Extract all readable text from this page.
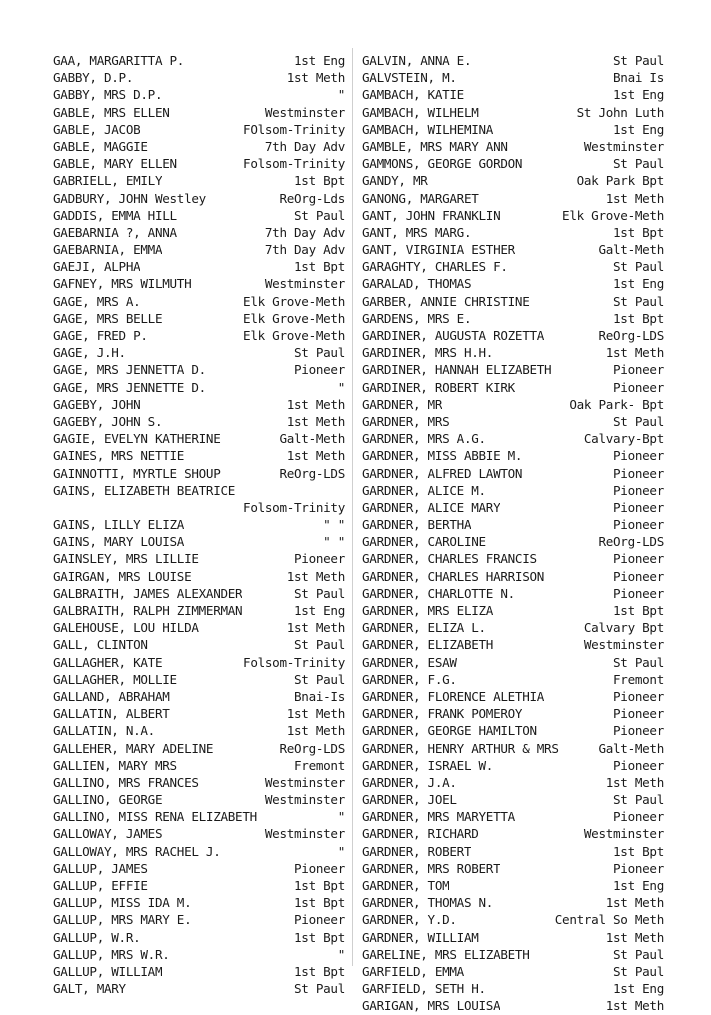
GAA, MARGARITTA P.	1st Eng
GABBY, D.P.	1st Meth
GABBY, MRS D.P.	"
GABLE, MRS ELLEN	Westminster
GABLE, JACOB	FOlsom-Trinity
GABLE, MAGGIE	7th Day Adv
GABLE, MARY ELLEN	Folsom-Trinity
GABRIELL, EMILY	1st Bpt
GADBURY, JOHN Westley	ReOrg-Lds
GADDIS, EMMA HILL	St Paul
GAEBARNIA ?, ANNA	7th Day Adv
GAEBARNIA, EMMA	7th Day Adv
GAEJI, ALPHA	1st Bpt
GAFNEY, MRS WILMUTH	Westminster
GAGE, MRS A.	Elk Grove-Meth
GAGE, MRS BELLE	Elk Grove-Meth
GAGE, FRED P.	Elk Grove-Meth
GAGE, J.H.	St Paul
GAGE, MRS JENNETTA D.	Pioneer
GAGE, MRS JENNETTE D.	"
GAGEBY, JOHN	1st Meth
GAGEBY, JOHN S.	1st Meth
GAGIE, EVELYN KATHERINE	Galt-Meth
GAINES, MRS NETTIE	1st Meth
GAINNOTTI, MYRTLE SHOUP	ReOrg-LDS
GAINS, ELIZABETH BEATRICE
Folsom-Trinity
GAINS, LILLY ELIZA	" "
GAINS, MARY LOUISA	" "
GAINSLEY, MRS LILLIE	Pioneer
GAIRGAN, MRS LOUISE	1st Meth
GALBRAITH, JAMES ALEXANDER	St Paul
GALBRAITH, RALPH ZIMMERMAN	1st Eng
GALEHOUSE, LOU HILDA	1st Meth
GALL, CLINTON	St Paul
GALLAGHER, KATE	Folsom-Trinity
GALLAGHER, MOLLIE	St Paul
GALLAND, ABRAHAM	Bnai-Is
GALLATIN, ALBERT	1st Meth
GALLATIN, N.A.	1st Meth
GALLEHER, MARY ADELINE	ReOrg-LDS
GALLIEN, MARY MRS	Fremont
GALLINO, MRS FRANCES	Westminster
GALLINO, GEORGE	Westminster
GALLINO, MISS RENA ELIZABETH	"
GALLOWAY, JAMES	Westminster
GALLOWAY, MRS RACHEL J.	"
GALLUP, JAMES	Pioneer
GALLUP, EFFIE	1st Bpt
GALLUP, MISS IDA M.	1st Bpt
GALLUP, MRS MARY E.	Pioneer
GALLUP, W.R.	1st Bpt
GALLUP, MRS W.R.	"
GALLUP, WILLIAM	1st Bpt
GALT, MARY	St Paul
GALVIN, ANNA E.	St Paul
GALVSTEIN, M.	Bnai Is
GAMBACH, KATIE	1st Eng
GAMBACH, WILHELM	St John Luth
GAMBACH, WILHEMINA	1st Eng
GAMBLE, MRS MARY ANN	Westminster
GAMMONS, GEORGE GORDON	St Paul
GANDY, MR	Oak Park Bpt
GANONG, MARGARET	1st Meth
GANT, JOHN FRANKLIN	Elk Grove-Meth
GANT, MRS MARG.	1st Bpt
GANT, VIRGINIA ESTHER	Galt-Meth
GARAGHTY, CHARLES F.	St Paul
GARALAD, THOMAS	1st Eng
GARBER, ANNIE CHRISTINE	St Paul
GARDENS, MRS E.	1st Bpt
GARDINER, AUGUSTA ROZETTA	ReOrg-LDS
GARDINER, MRS H.H.	1st Meth
GARDINER, HANNAH ELIZABETH	Pioneer
GARDINER, ROBERT KIRK	Pioneer
GARDNER, MR	Oak Park- Bpt
GARDNER, MRS	St Paul
GARDNER, MRS A.G.	Calvary-Bpt
GARDNER, MISS ABBIE M.	Pioneer
GARDNER, ALFRED LAWTON	Pioneer
GARDNER, ALICE M.	Pioneer
GARDNER, ALICE MARY	Pioneer
GARDNER, BERTHA	Pioneer
GARDNER, CAROLINE	ReOrg-LDS
GARDNER, CHARLES FRANCIS	Pioneer
GARDNER, CHARLES HARRISON	Pioneer
GARDNER, CHARLOTTE N.	Pioneer
GARDNER, MRS ELIZA	1st Bpt
GARDNER, ELIZA L.	Calvary Bpt
GARDNER, ELIZABETH	Westminster
GARDNER, ESAW	St Paul
GARDNER, F.G.	Fremont
GARDNER, FLORENCE ALETHIA	Pioneer
GARDNER, FRANK POMEROY	Pioneer
GARDNER, GEORGE HAMILTON	Pioneer
GARDNER, HENRY ARTHUR & MRS	Galt-Meth
GARDNER, ISRAEL W.	Pioneer
GARDNER, J.A.	1st Meth
GARDNER, JOEL	St Paul
GARDNER, MRS MARYETTA	Pioneer
GARDNER, RICHARD	Westminster
GARDNER, ROBERT	1st Bpt
GARDNER, MRS ROBERT	Pioneer
GARDNER, TOM	1st Eng
GARDNER, THOMAS N.	1st Meth
GARDNER, Y.D.	Central So Meth
GARDNER, WILLIAM	1st Meth
GARELINE, MRS ELIZABETH	St Paul
GARFIELD, EMMA	St Paul
GARFIELD, SETH H.	1st Eng
GARIGAN, MRS LOUISA	1st Meth
